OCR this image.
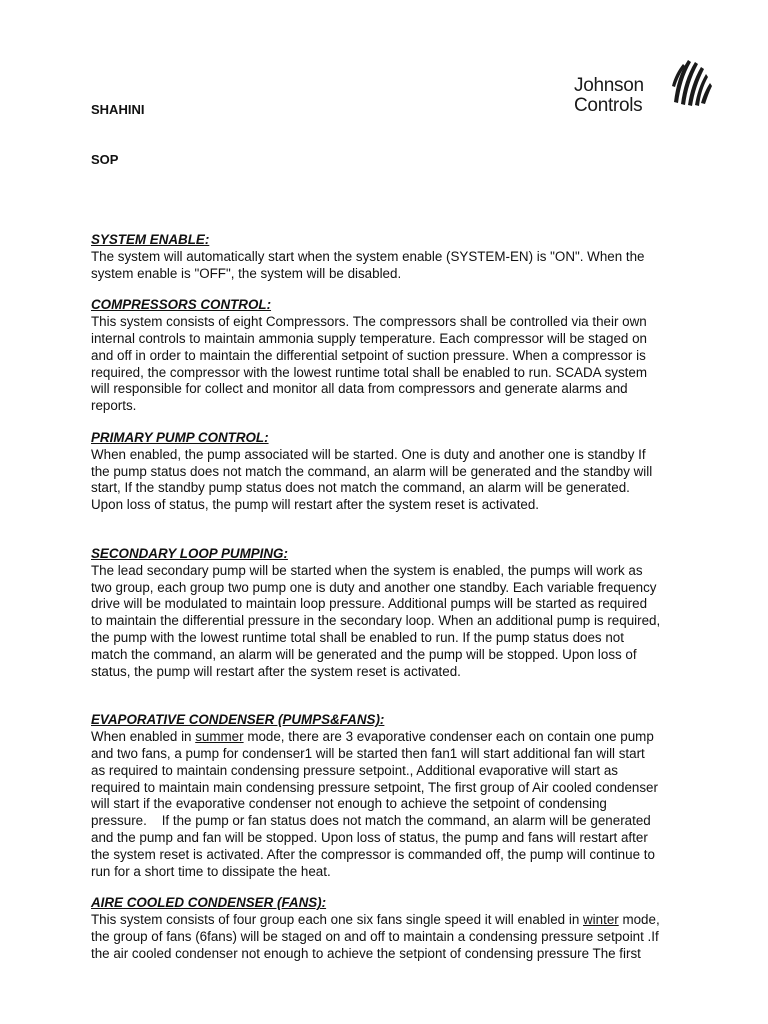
Johnson
Controls
SHAHINI
SOP
SYSTEM ENABLE:

The system will automatically start when the system enable (SYSTEM-EN) is "ON". When the

system enable is "OFF", the system will be disabled.

COMPRESSORS CONTROL:

This system consists of eight Compressors. The compressors shall be controlled via their own

internal controls to maintain ammonia supply temperature. Each compressor will be staged on

and off in order to maintain the differential setpoint of suction pressure. When a compressor is

required, the compressor with the lowest runtime total shall be enabled to run. SCADA system

will responsible for collect and monitor all data from compressors and generate alarms and

reports.

PRIMARY PUMP CONTROL:

When enabled, the pump associated will be started. One is duty and another one is standby If

the pump status does not match the command, an alarm will be generated and the standby will

start, If the standby pump status does not match the command, an alarm will be generated.

Upon loss of status, the pump will restart after the system reset is activated.

SECONDARY LOOP PUMPING:

The lead secondary pump will be started when the system is enabled, the pumps will work as

two group, each group two pump one is duty and another one standby. Each variable frequency

drive will be modulated to maintain loop pressure. Additional pumps will be started as required

to maintain the differential pressure in the secondary loop. When an additional pump is required,

the pump with the lowest runtime total shall be enabled to run. If the pump status does not

match the command, an alarm will be generated and the pump will be stopped. Upon loss of

status, the pump will restart after the system reset is activated.

EVAPORATIVE CONDENSER (PUMPS&FANS):

When enabled in summer mode, there are 3 evaporative condenser each on contain one pump

and two fans, a pump for condenser1 will be started then fan1 will start additional fan will start

as required to maintain condensing pressure setpoint., Additional evaporative will start as

required to maintain main condensing pressure setpoint, The first group of Air cooled condenser

will start if the evaporative condenser not enough to achieve the setpoint of condensing

pressure.    If the pump or fan status does not match the command, an alarm will be generated

and the pump and fan will be stopped. Upon loss of status, the pump and fans will restart after

the system reset is activated. After the compressor is commanded off, the pump will continue to

run for a short time to dissipate the heat.

AIRE COOLED CONDENSER (FANS):

This system consists of four group each one six fans single speed it will enabled in winter mode,

the group of fans (6fans) will be staged on and off to maintain a condensing pressure setpoint .If

the air cooled condenser not enough to achieve the setpiont of condensing pressure The first
